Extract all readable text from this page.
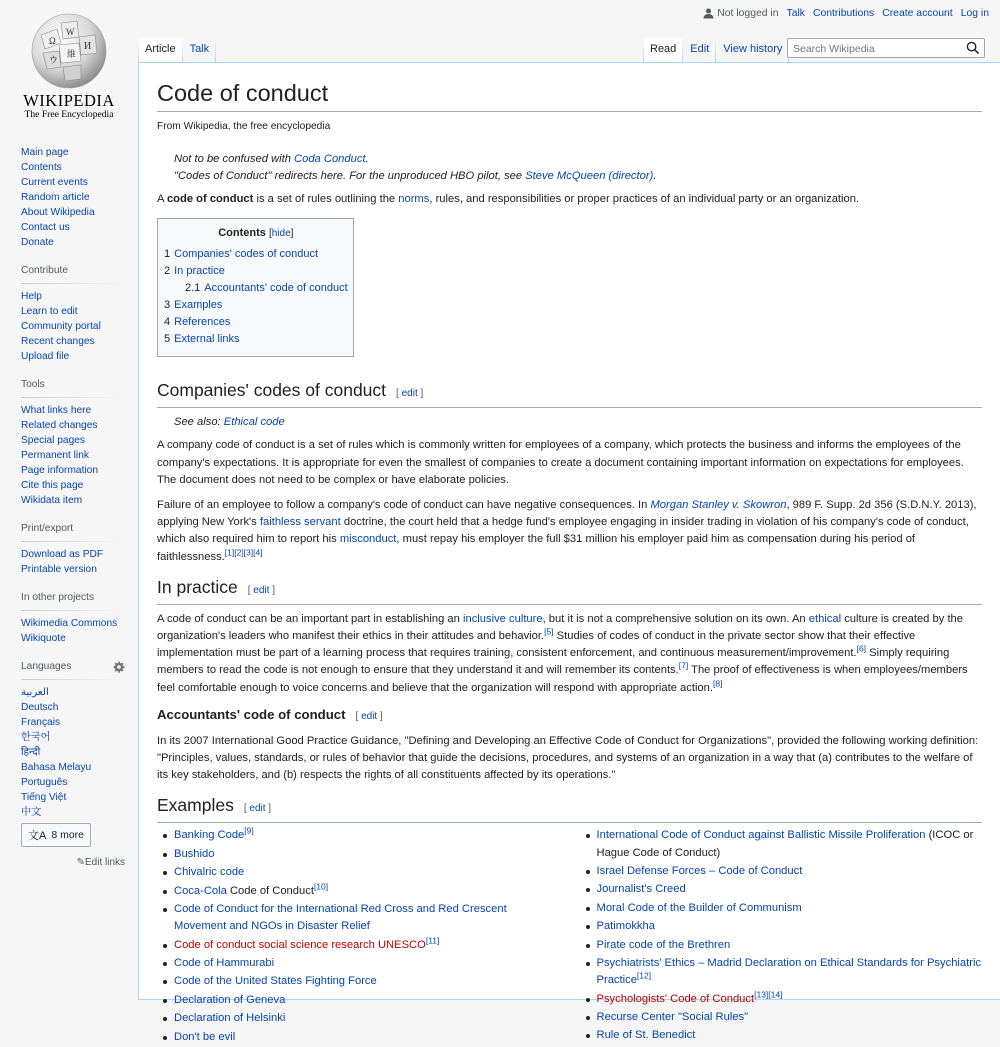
Ω
W
И
維
ウ
WIKIPEDIA
The Free Encyclopedia
Main page
Contents
Current events
Random article
About Wikipedia
Contact us
Donate
Contribute
Help
Learn to edit
Community portal
Recent changes
Upload file
Tools
What links here
Related changes
Special pages
Permanent link
Page information
Cite this page
Wikidata item
Print/export
Download as PDF
Printable version
In other projects
Wikimedia Commons
Wikiquote
Languages
العربية
Deutsch
Français
한국어
हिन्दी
Bahasa Melayu
Português
Tiếng Việt
中文
文A 8 more
✎Edit links
Not logged in Talk Contributions Create account Log in
Article	Talk	Read	Edit	View history
Search Wikipedia
Code of conduct
From Wikipedia, the free encyclopedia
Not to be confused with Coda Conduct.
"Codes of Conduct" redirects here. For the unproduced HBO pilot, see Steve McQueen (director).

A code of conduct is a set of rules outlining the norms, rules, and responsibilities or proper practices of an individual party or an organization.

Contents [hide]
1 Companies' codes of conduct
2 In practice
2.1 Accountants' code of conduct
3 Examples
4 References
5 External links
Companies' codes of conduct [ edit ]
See also: Ethical code

A company code of conduct is a set of rules which is commonly written for employees of a company, which protects the business and informs the employees of the company's expectations. It is appropriate for even the smallest of companies to create a document containing important information on expectations for employees. The document does not need to be complex or have elaborate policies.

Failure of an employee to follow a company's code of conduct can have negative consequences. In Morgan Stanley v. Skowron, 989 F. Supp. 2d 356 (S.D.N.Y. 2013), applying New York's faithless servant doctrine, the court held that a hedge fund's employee engaging in insider trading in violation of his company's code of conduct, which also required him to report his misconduct, must repay his employer the full $31 million his employer paid him as compensation during his period of faithlessness.[1][2][3][4]

In practice [ edit ]

A code of conduct can be an important part in establishing an inclusive culture, but it is not a comprehensive solution on its own. An ethical culture is created by the organization's leaders who manifest their ethics in their attitudes and behavior.[5] Studies of codes of conduct in the private sector show that their effective implementation must be part of a learning process that requires training, consistent enforcement, and continuous measurement/improvement.[6] Simply requiring members to read the code is not enough to ensure that they understand it and will remember its contents.[7] The proof of effectiveness is when employees/members feel comfortable enough to voice concerns and believe that the organization will respond with appropriate action.[8]

Accountants' code of conduct [ edit ]

In its 2007 International Good Practice Guidance, "Defining and Developing an Effective Code of Conduct for Organizations", provided the following working definition: "Principles, values, standards, or rules of behavior that guide the decisions, procedures, and systems of an organization in a way that (a) contributes to the welfare of its key stakeholders, and (b) respects the rights of all constituents affected by its operations."

Examples [ edit ]
Banking Code[9]
Bushido
Chivalric code
Coca-Cola Code of Conduct[10]
Code of Conduct for the International Red Cross and Red Crescent Movement and NGOs in Disaster Relief
Code of conduct social science research UNESCO[11]
Code of Hammurabi
Code of the United States Fighting Force
Declaration of Geneva
Declaration of Helsinki
Don't be evil
International Code of Conduct against Ballistic Missile Proliferation (ICOC or Hague Code of Conduct)
Israel Defense Forces – Code of Conduct
Journalist's Creed
Moral Code of the Builder of Communism
Patimokkha
Pirate code of the Brethren
Psychiatrists' Ethics – Madrid Declaration on Ethical Standards for Psychiatric Practice[12]
Psychologists' Code of Conduct[13][14]
Recurse Center "Social Rules"
Rule of St. Benedict
